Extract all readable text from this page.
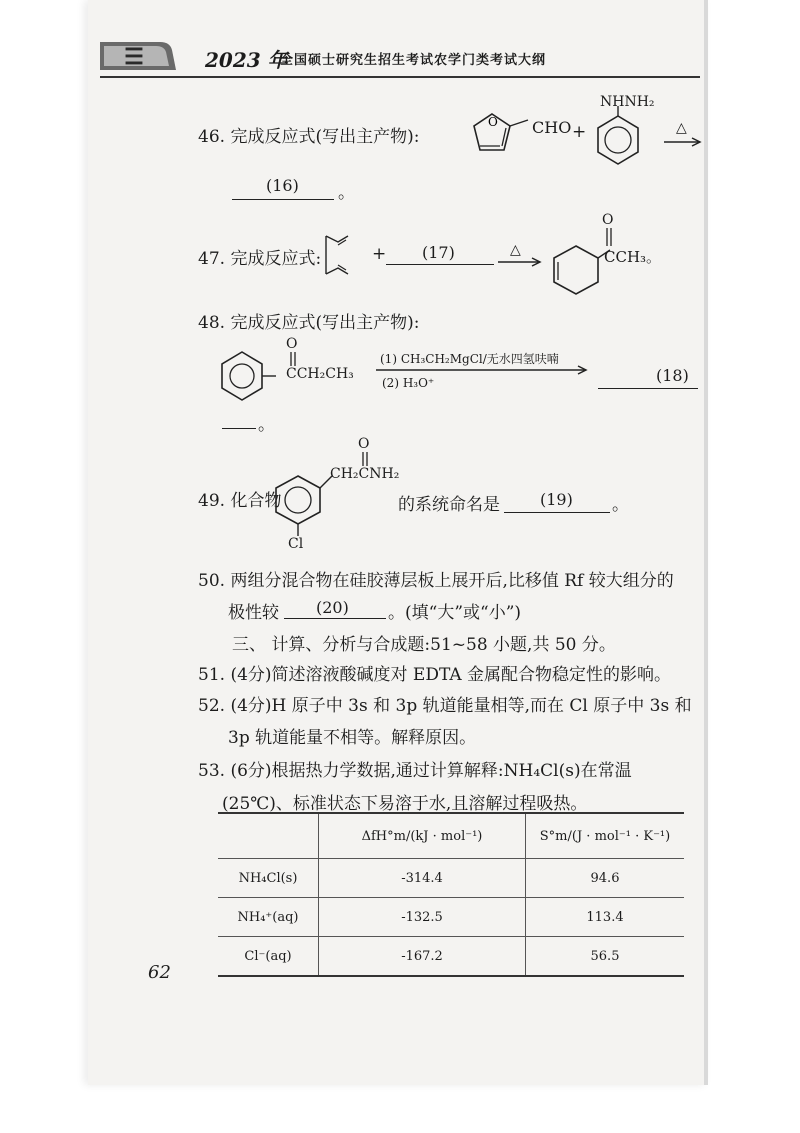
☰	2023 年
全国硕士研究生招生考试农学门类考试大纲
46. 完成反应式(写出主产物):
O CHO +
NHNH₂
△
(16) 。
47. 完成反应式:	+ (17)	△
O
CCH₃。
48. 完成反应式(写出主产物):
O
CCH₂CH₃
(1) CH₃CH₂MgCl/无水四氢呋喃
(2) H₃O⁺	(18)
。
49. 化合物
CH₂CNH₂
O
Cl
的系统命名是	(19) 。
50. 两组分混合物在硅胶薄层板上展开后,比移值 Rf 较大组分的
极性较 (20) 。(填“大”或“小”)
三、 计算、分析与合成题:51~58 小题,共 50 分。
51. (4分)简述溶液酸碱度对 EDTA 金属配合物稳定性的影响。
52. (4分)H 原子中 3s 和 3p 轨道能量相等,而在 Cl 原子中 3s 和
3p 轨道能量不相等。解释原因。
53. (6分)根据热力学数据,通过计算解释:NH₄Cl(s)在常温
(25℃)、标准状态下易溶于水,且溶解过程吸热。
	ΔfH°m/(kJ · mol⁻¹)	S°m/(J · mol⁻¹ · K⁻¹)
NH₄Cl(s)	-314.4	94.6
NH₄⁺(aq)	-132.5	113.4
Cl⁻(aq)	-167.2	56.5
62
